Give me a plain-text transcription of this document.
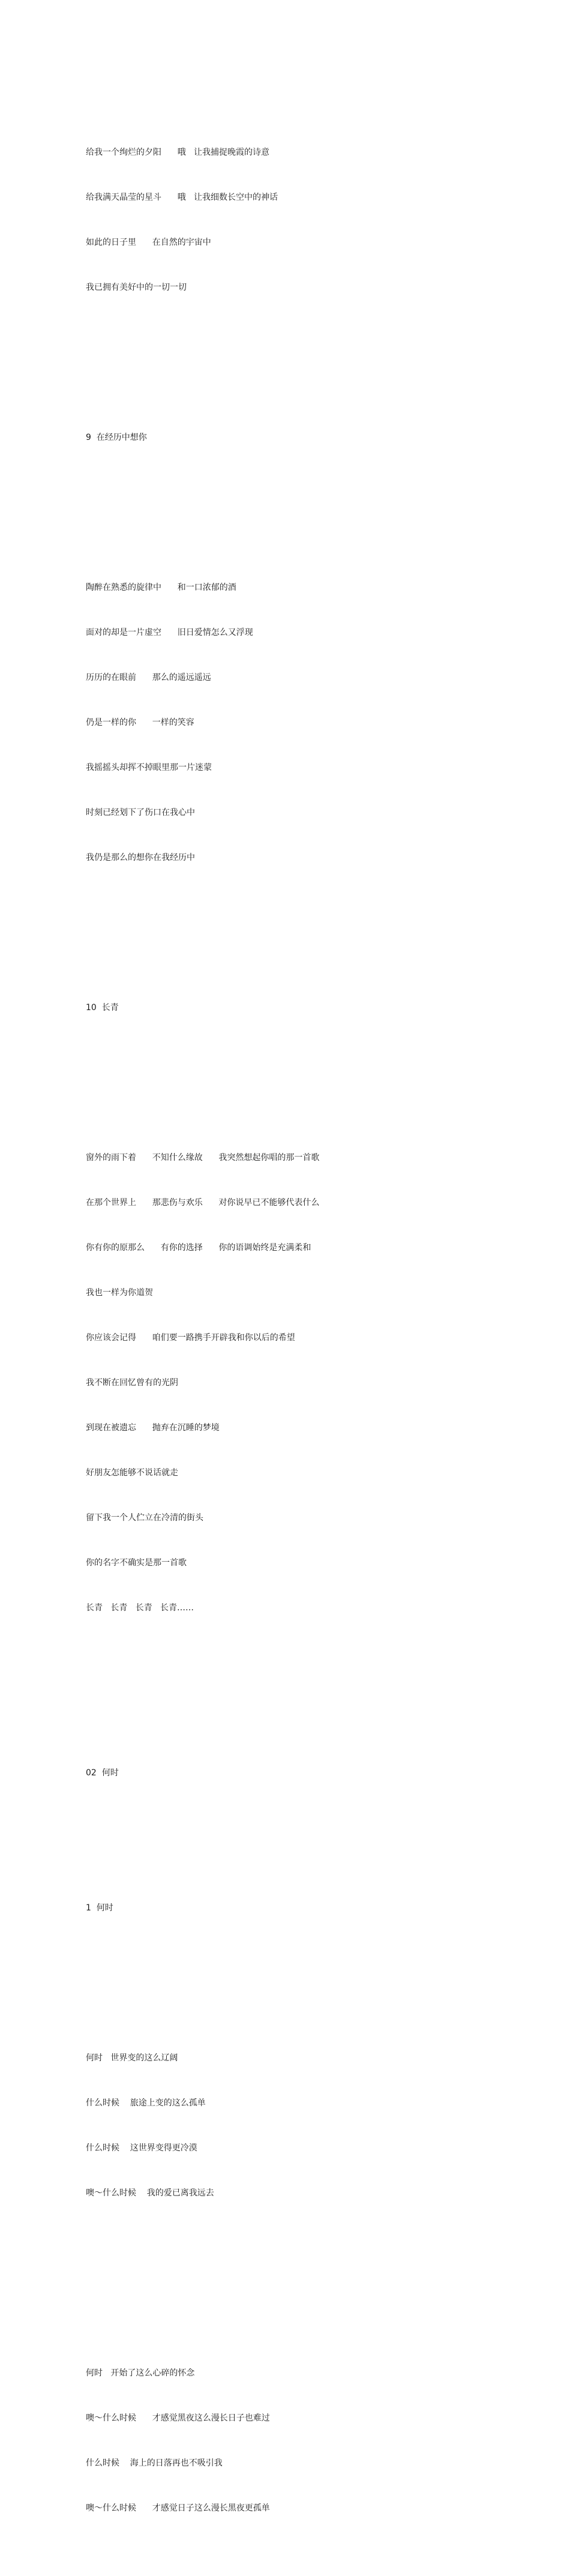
给我一个绚烂的夕阳      哦   让我捕捉晚霞的诗意

给我满天晶莹的星斗      哦   让我细数长空中的神话

如此的日子里      在自然的宇宙中

我已拥有美好中的一切一切

9  在经历中想你

陶醉在熟悉的旋律中      和一口浓郁的酒

面对的却是一片虚空      旧日爱情怎么又浮现

历历的在眼前      那么的遥远遥远

仍是一样的你      一样的笑容

我摇摇头却挥不掉眼里那一片迷蒙

时刻已经划下了伤口在我心中

我仍是那么的想你在我经历中

10  长青

窗外的雨下着      不知什么缘故      我突然想起你唱的那一首歌

在那个世界上      那悲伤与欢乐      对你说早已不能够代表什么

你有你的原那么      有你的选择      你的语调始终是充满柔和

我也一样为你道贺

你应该会记得      咱们要一路携手开辟我和你以后的希望

我不断在回忆曾有的光阴

到现在被遗忘      抛弃在沉睡的梦境

好朋友怎能够不说话就走

留下我一个人伫立在冷清的街头

你的名字不确实是那一首歌

长青   长青   长青   长青……

02  何时

1  何时

何时   世界变的这么辽阔

什么时候    旅途上变的这么孤单

什么时候    这世界变得更冷漠

噢～什么时候    我的爱已离我远去

何时   开始了这么心碎的怀念

噢～什么时候      才感觉黑夜这么漫长日子也难过

什么时候    海上的日落再也不吸引我

噢～什么时候      才感觉日子这么漫长黑夜更孤单
